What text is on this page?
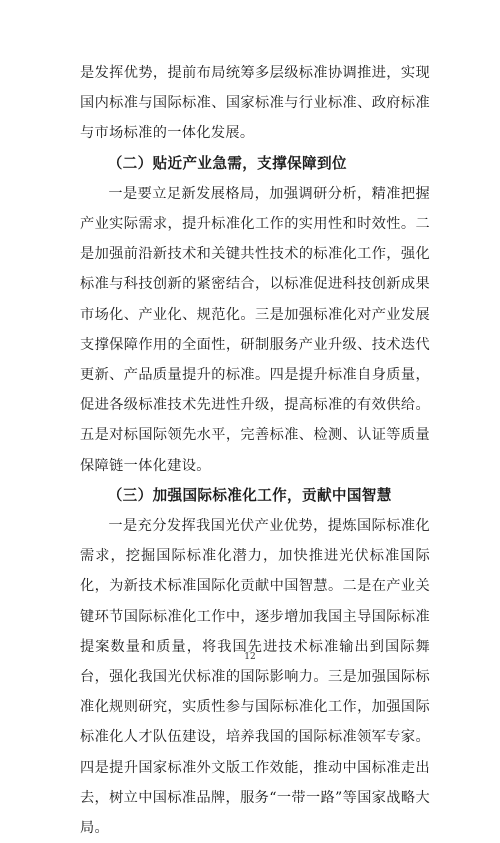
是发挥优势，提前布局统筹多层级标准协调推进，实现国内标准与国际标准、国家标准与行业标准、政府标准与市场标准的一体化发展。

（二）贴近产业急需，支撑保障到位

一是要立足新发展格局，加强调研分析，精准把握产业实际需求，提升标准化工作的实用性和时效性。二是加强前沿新技术和关键共性技术的标准化工作，强化标准与科技创新的紧密结合，以标准促进科技创新成果市场化、产业化、规范化。三是加强标准化对产业发展支撑保障作用的全面性，研制服务产业升级、技术迭代更新、产品质量提升的标准。四是提升标准自身质量，促进各级标准技术先进性升级，提高标准的有效供给。五是对标国际领先水平，完善标准、检测、认证等质量保障链一体化建设。

（三）加强国际标准化工作，贡献中国智慧

一是充分发挥我国光伏产业优势，提炼国际标准化需求，挖掘国际标准化潜力，加快推进光伏标准国际化，为新技术标准国际化贡献中国智慧。二是在产业关键环节国际标准化工作中，逐步增加我国主导国际标准提案数量和质量，将我国先进技术标准输出到国际舞台，强化我国光伏标准的国际影响力。三是加强国际标准化规则研究，实质性参与国际标准化工作，加强国际标准化人才队伍建设，培养我国的国际标准领军专家。四是提升国家标准外文版工作效能，推动中国标准走出去，树立中国标准品牌，服务“一带一路”等国家战略大局。

12
